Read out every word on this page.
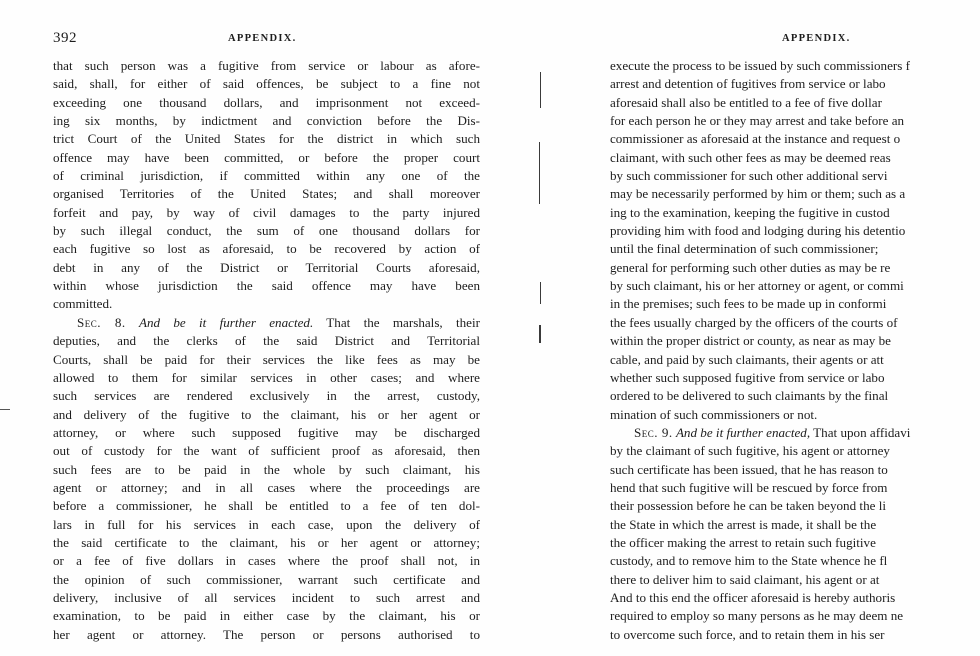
392	APPENDIX.
that such person was a fugitive from service or labour as afore-
said, shall, for either of said offences, be subject to a fine not
exceeding one thousand dollars, and imprisonment not exceed-
ing six months, by indictment and conviction before the Dis-
trict Court of the United States for the district in which such
offence may have been committed, or before the proper court
of criminal jurisdiction, if committed within any one of the
organised Territories of the United States; and shall moreover
forfeit and pay, by way of civil damages to the party injured
by such illegal conduct, the sum of one thousand dollars for
each fugitive so lost as aforesaid, to be recovered by action of
debt in any of the District or Territorial Courts aforesaid,
within whose jurisdiction the said offence may have been
committed.
Sec. 8. And be it further enacted. That the marshals, their
deputies, and the clerks of the said District and Territorial
Courts, shall be paid for their services the like fees as may be
allowed to them for similar services in other cases; and where
such services are rendered exclusively in the arrest, custody,
and delivery of the fugitive to the claimant, his or her agent or
attorney, or where such supposed fugitive may be discharged
out of custody for the want of sufficient proof as aforesaid, then
such fees are to be paid in the whole by such claimant, his
agent or attorney; and in all cases where the proceedings are
before a commissioner, he shall be entitled to a fee of ten dol-
lars in full for his services in each case, upon the delivery of
the said certificate to the claimant, his or her agent or attorney;
or a fee of five dollars in cases where the proof shall not, in
the opinion of such commissioner, warrant such certificate and
delivery, inclusive of all services incident to such arrest and
examination, to be paid in either case by the claimant, his or
her agent or attorney. The person or persons authorised to
APPENDIX.
execute the process to be issued by such commissioners f
arrest and detention of fugitives from service or labo
aforesaid shall also be entitled to a fee of five dollar
for each person he or they may arrest and take before an
commissioner as aforesaid at the instance and request o
claimant, with such other fees as may be deemed reas
by such commissioner for such other additional servi
may be necessarily performed by him or them; such as a
ing to the examination, keeping the fugitive in custod
providing him with food and lodging during his detentio
until the final determination of such commissioner;
general for performing such other duties as may be re
by such claimant, his or her attorney or agent, or commi
in the premises; such fees to be made up in conformi
the fees usually charged by the officers of the courts of
within the proper district or county, as near as may be
cable, and paid by such claimants, their agents or att
whether such supposed fugitive from service or labo
ordered to be delivered to such claimants by the final
mination of such commissioners or not.
Sec. 9. And be it further enacted, That upon affidavi
by the claimant of such fugitive, his agent or attorney
such certificate has been issued, that he has reason to
hend that such fugitive will be rescued by force from
their possession before he can be taken beyond the li
the State in which the arrest is made, it shall be the
the officer making the arrest to retain such fugitive
custody, and to remove him to the State whence he fl
there to deliver him to said claimant, his agent or at
And to this end the officer aforesaid is hereby authoris
required to employ so many persons as he may deem ne
to overcome such force, and to retain them in his ser
